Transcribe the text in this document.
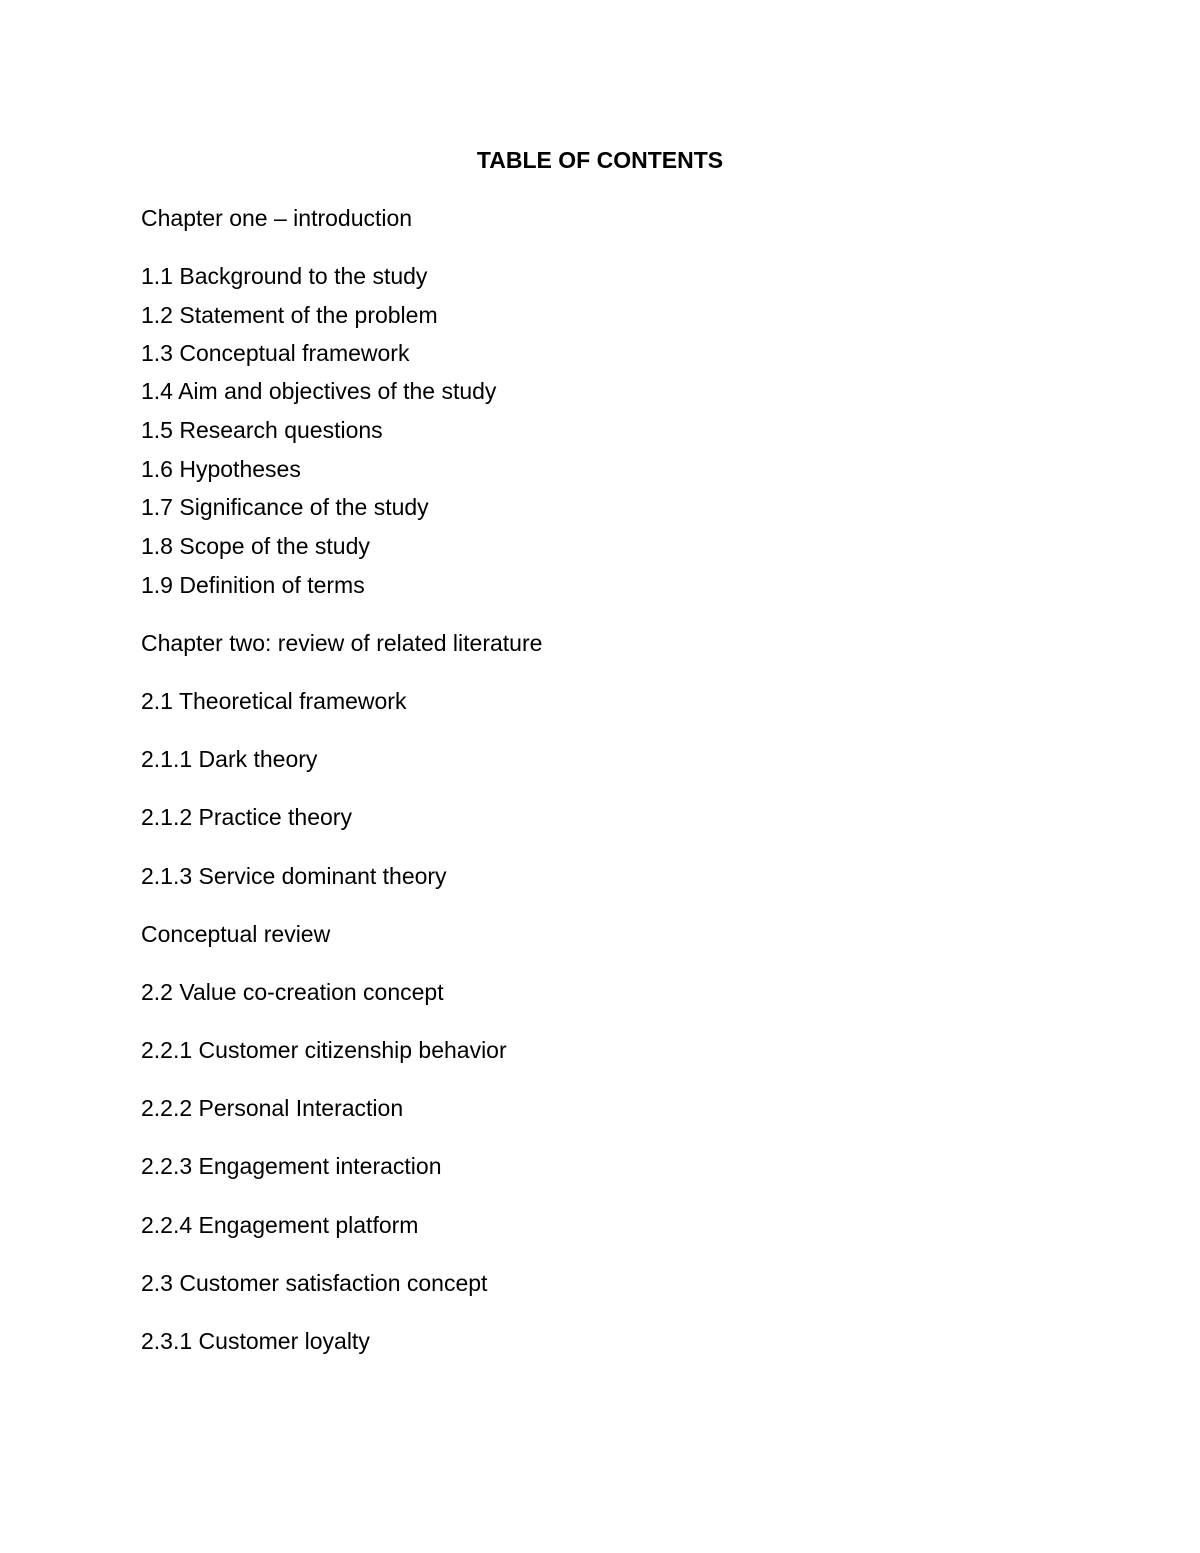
TABLE OF CONTENTS
Chapter one – introduction
1.1 Background to the study
1.2 Statement of the problem
1.3 Conceptual framework
1.4 Aim and objectives of the study
1.5 Research questions
1.6 Hypotheses
1.7 Significance of the study
1.8 Scope of the study
1.9 Definition of terms
Chapter two: review of related literature
2.1 Theoretical framework
2.1.1 Dark theory
2.1.2 Practice theory
2.1.3 Service dominant theory
Conceptual review
2.2 Value co-creation concept
2.2.1 Customer citizenship behavior
2.2.2 Personal Interaction
2.2.3 Engagement interaction
2.2.4 Engagement platform
2.3 Customer satisfaction concept
2.3.1 Customer loyalty
